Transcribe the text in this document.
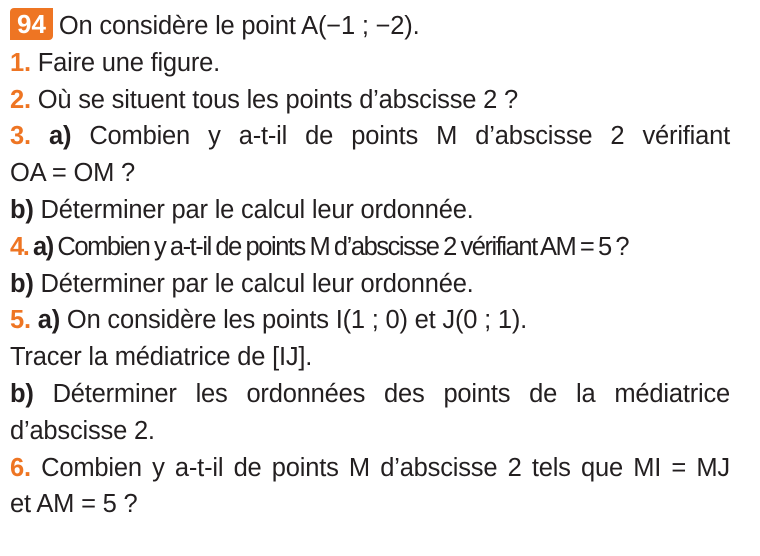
94 On considère le point A(−1 ; −2).
1. Faire une figure.
2. Où se situent tous les points d’abscisse 2 ?
3. a) Combien y a-t-il de points M d’abscisse 2 vérifiant
OA = OM ?
b) Déterminer par le calcul leur ordonnée.
4. a) Combien y a-t-il de points M d’abscisse 2 vérifiant AM = 5 ?
b) Déterminer par le calcul leur ordonnée.
5. a) On considère les points I(1 ; 0) et J(0 ; 1).
Tracer la médiatrice de [IJ].
b) Déterminer les ordonnées des points de la médiatrice
d’abscisse 2.
6. Combien y a-t-il de points M d’abscisse 2 tels que MI = MJ
et AM = 5 ?
